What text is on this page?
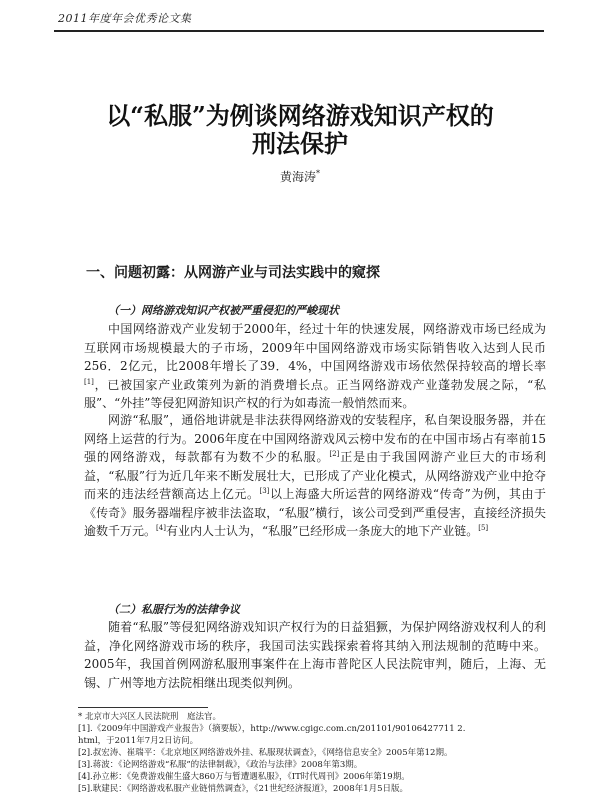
2011年度年会优秀论文集
以“私服”为例谈网络游戏知识产权的
刑法保护
黄海涛*
一、问题初露：从网游产业与司法实践中的窥探
（一）网络游戏知识产权被严重侵犯的严峻现状

中国网络游戏产业发轫于2000年，经过十年的快速发展，网络游戏市场已经成为互联网市场规模最大的子市场，2009年中国网络游戏市场实际销售收入达到人民币256．2亿元，比2008年增长了39．4%，中国网络游戏市场依然保持较高的增长率[1]，已被国家产业政策列为新的消费增长点。正当网络游戏产业蓬勃发展之际，“私服”、“外挂”等侵犯网游知识产权的行为如毒流一般悄然而来。

网游“私服”，通俗地讲就是非法获得网络游戏的安装程序，私自架设服务器，并在网络上运营的行为。2006年度在中国网络游戏风云榜中发布的在中国市场占有率前15强的网络游戏，每款都有为数不少的私服。[2]正是由于我国网游产业巨大的市场利益，“私服”行为近几年来不断发展壮大，已形成了产业化模式，从网络游戏产业中抢夺而来的违法经营额高达上亿元。[3]以上海盛大所运营的网络游戏“传奇”为例，其由于《传奇》服务器端程序被非法盗取，“私服”横行，该公司受到严重侵害，直接经济损失逾数千万元。[4]有业内人士认为，“私服”已经形成一条庞大的地下产业链。[5]

（二）私服行为的法律争议

随着“私服”等侵犯网络游戏知识产权行为的日益猖獗，为保护网络游戏权利人的利益，净化网络游戏市场的秩序，我国司法实践探索着将其纳入刑法规制的范畴中来。2005年，我国首例网游私服刑事案件在上海市普陀区人民法院审判，随后，上海、无锡、广州等地方法院相继出现类似判例。

* 北京市大兴区人民法院刑　庭法官。
[1].《2009年中国游戏产业报告》（摘要版），http://www.cgigc.com.cn/201101/90106427711 2.
html，于2011年7月2日访问。
[2].叔宏涛、崔瑞平：《北京地区网络游戏外挂、私服现状调查》，《网络信息安全》2005年第12期。
[3].蒋波：《论网络游戏“私服”的法律制裁》，《政治与法律》2008年第3期。
[4].孙立彬：《免费游戏催生盛大860万与暂遭遇私服》，《IT时代周刊》2006年第19期。
[5].耿建民：《网络游戏私服产业链悄然调查》，《21世纪经济报道》，2008年1月5日版。
